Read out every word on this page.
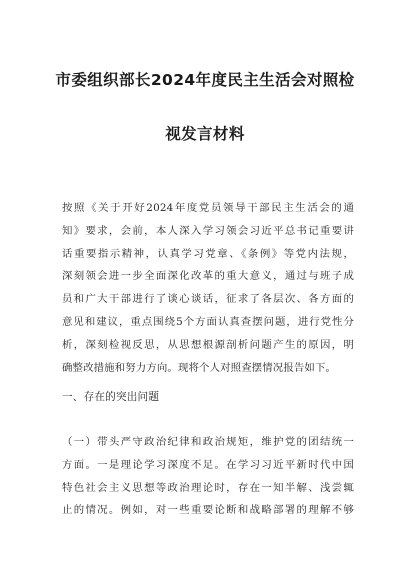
市委组织部长2024年度民主生活会对照检
视发言材料
按照《关于开好2024年度党员领导干部民主生活会的通
知》要求，会前，本人深入学习领会习近平总书记重要讲
话重要指示精神，认真学习党章、《条例》等党内法规，
深刻领会进一步全面深化改革的重大意义，通过与班子成
员和广大干部进行了谈心谈话，征求了各层次、各方面的
意见和建议，重点围绕5个方面认真查摆问题，进行党性分
析，深刻检视反思，从思想根源剖析问题产生的原因，明
确整改措施和努力方向。现将个人对照查摆情况报告如下。
一、存在的突出问题
（一）带头严守政治纪律和政治规矩，维护党的团结统一
方面。一是理论学习深度不足。在学习习近平新时代中国
特色社会主义思想等政治理论时，存在一知半解、浅尝辄
止的情况。例如，对一些重要论断和战略部署的理解不够
